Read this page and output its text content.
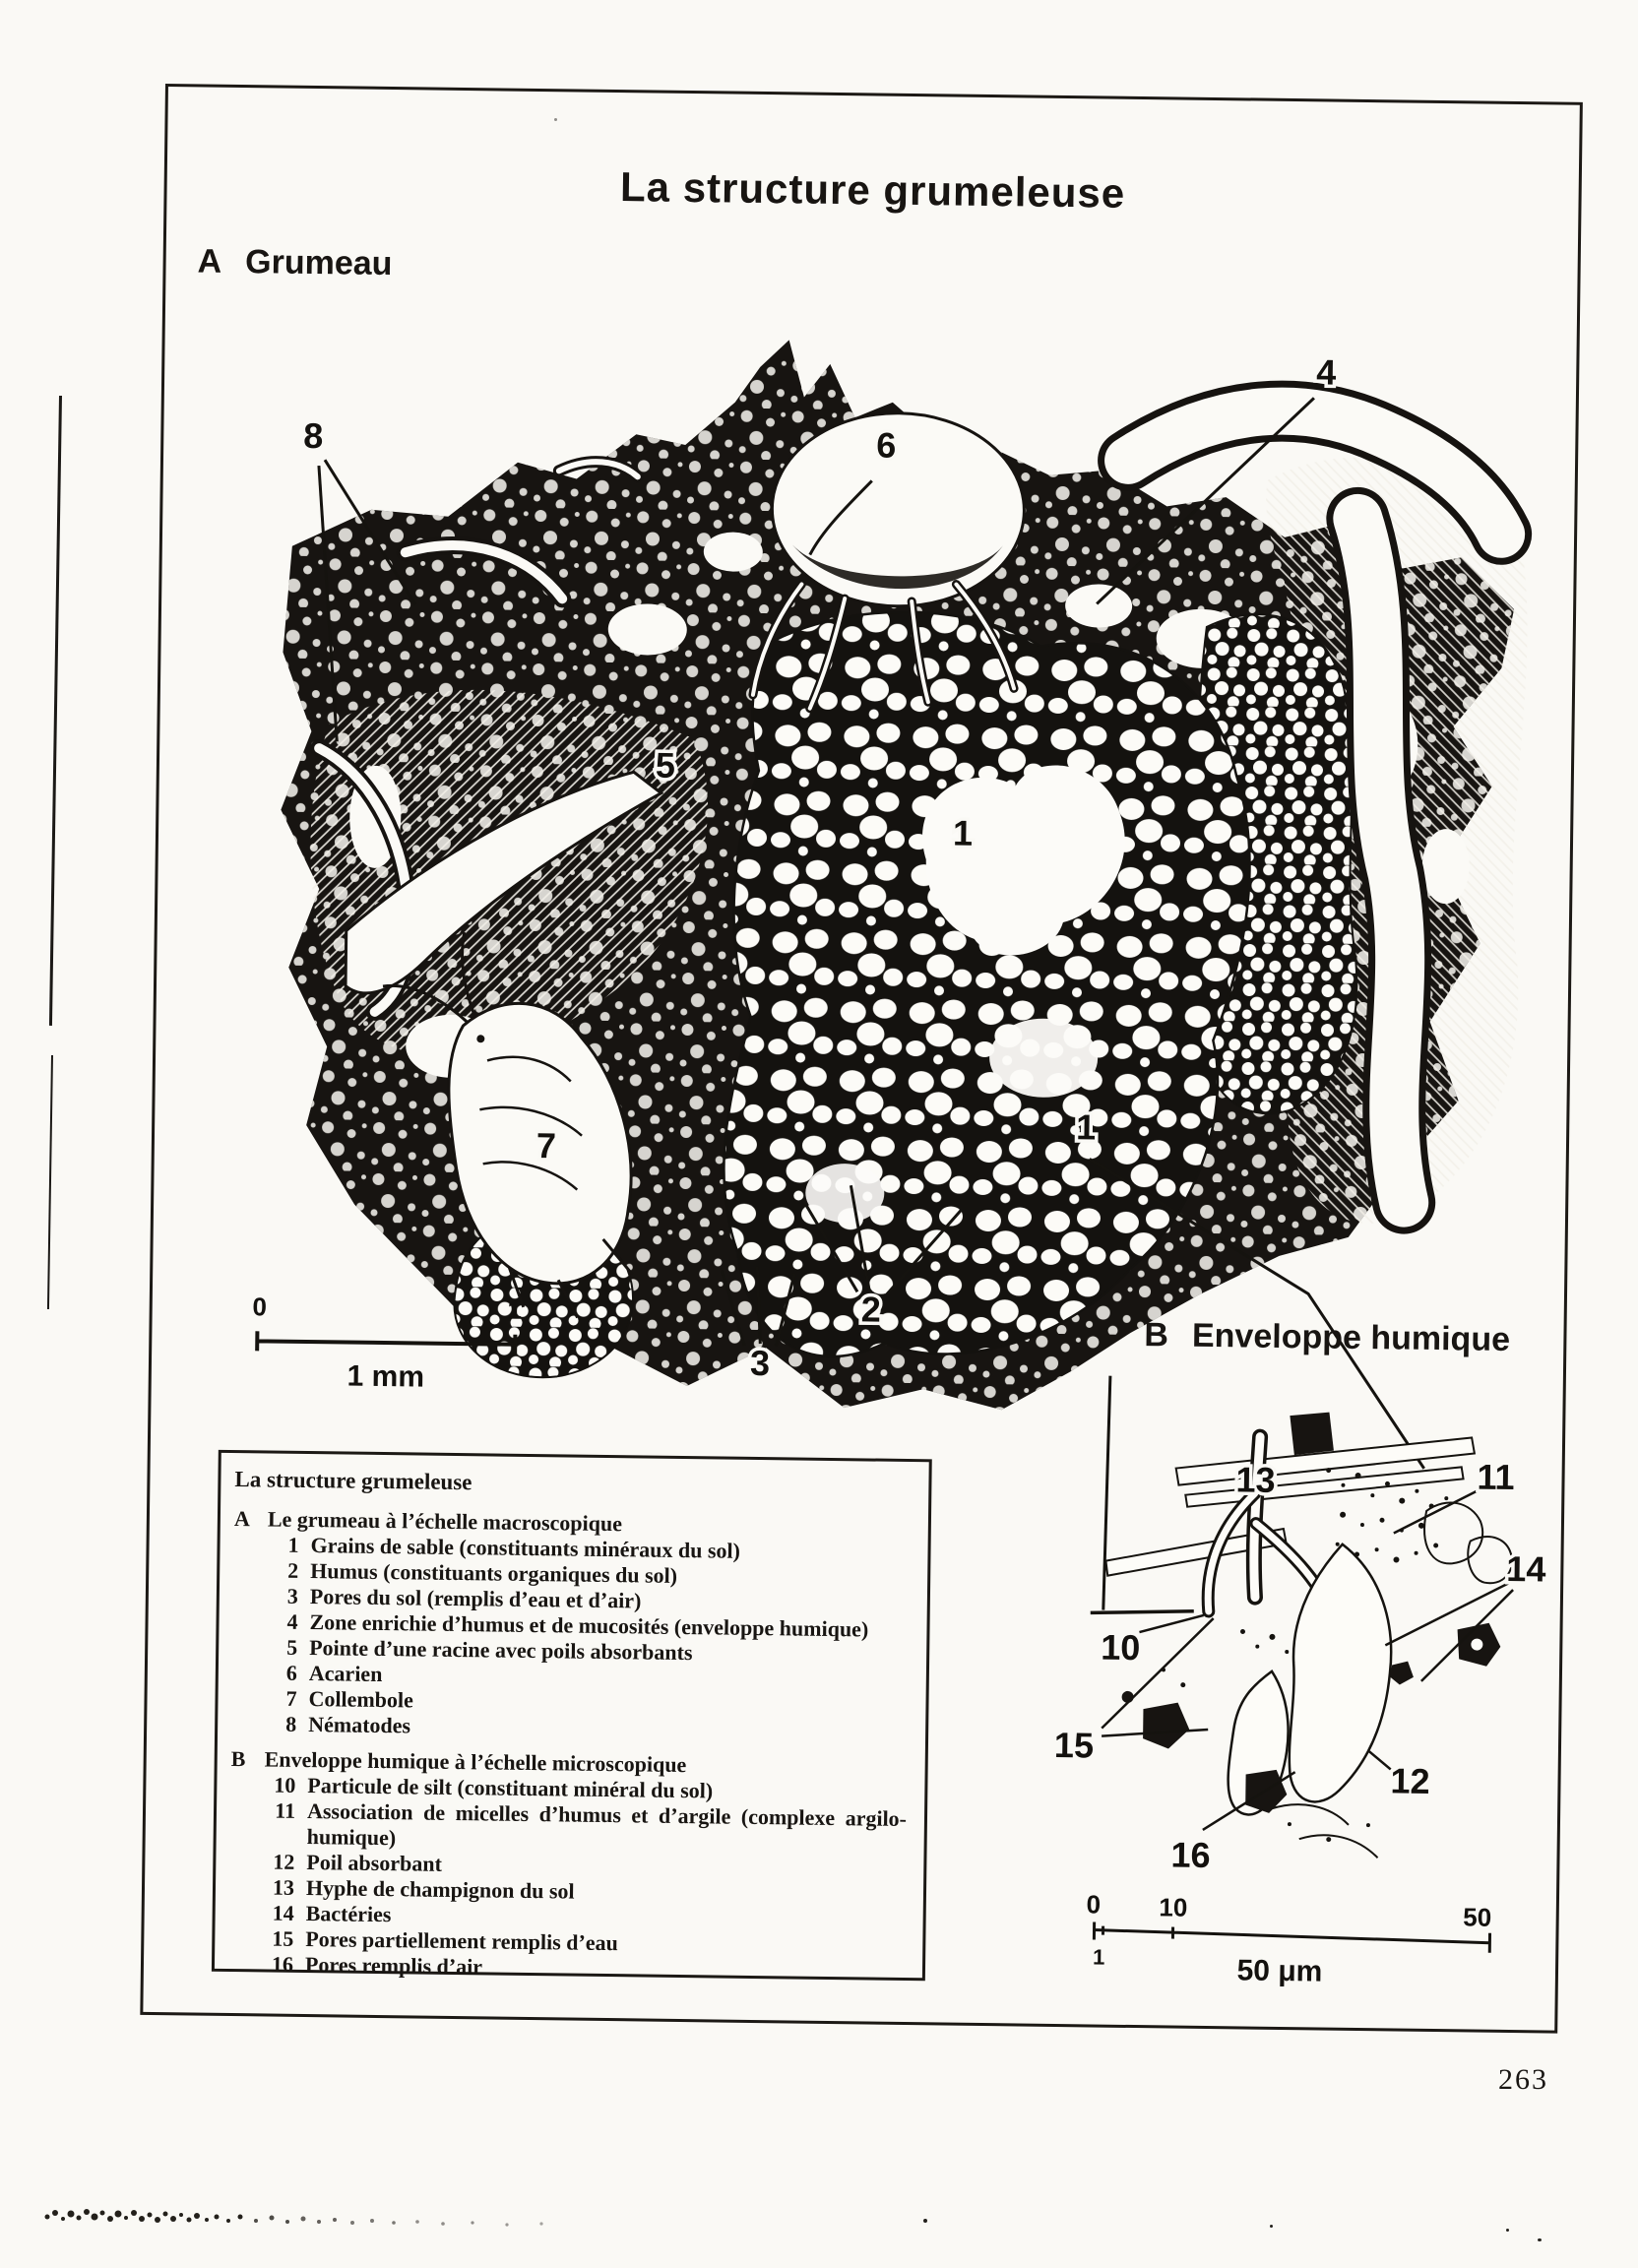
La structure grumeleuse
A Grumeau
8	6
4
5
1
1
7
2
3
0	1
1 mm
B Enveloppe humique
13	11
14
10
15
12
16
0 10	50
1	50 μm
La structure grumeleuse
A Le grumeau à l’échelle macroscopique
1 Grains de sable (constituants minéraux du sol)
2 Humus (constituants organiques du sol)
3 Pores du sol (remplis d’eau et d’air)
4 Zone enrichie d’humus et de mucosités (enveloppe humique)
5 Pointe d’une racine avec poils absorbants
6 Acarien
7 Collembole
8 Nématodes
B Enveloppe humique à l’échelle microscopique
10 Particule de silt (constituant minéral du sol)
11 Association de micelles d’humus et d’argile (complexe argilo-humique)
12 Poil absorbant
13 Hyphe de champignon du sol
14 Bactéries
15 Pores partiellement remplis d’eau
16 Pores remplis d’air
263
